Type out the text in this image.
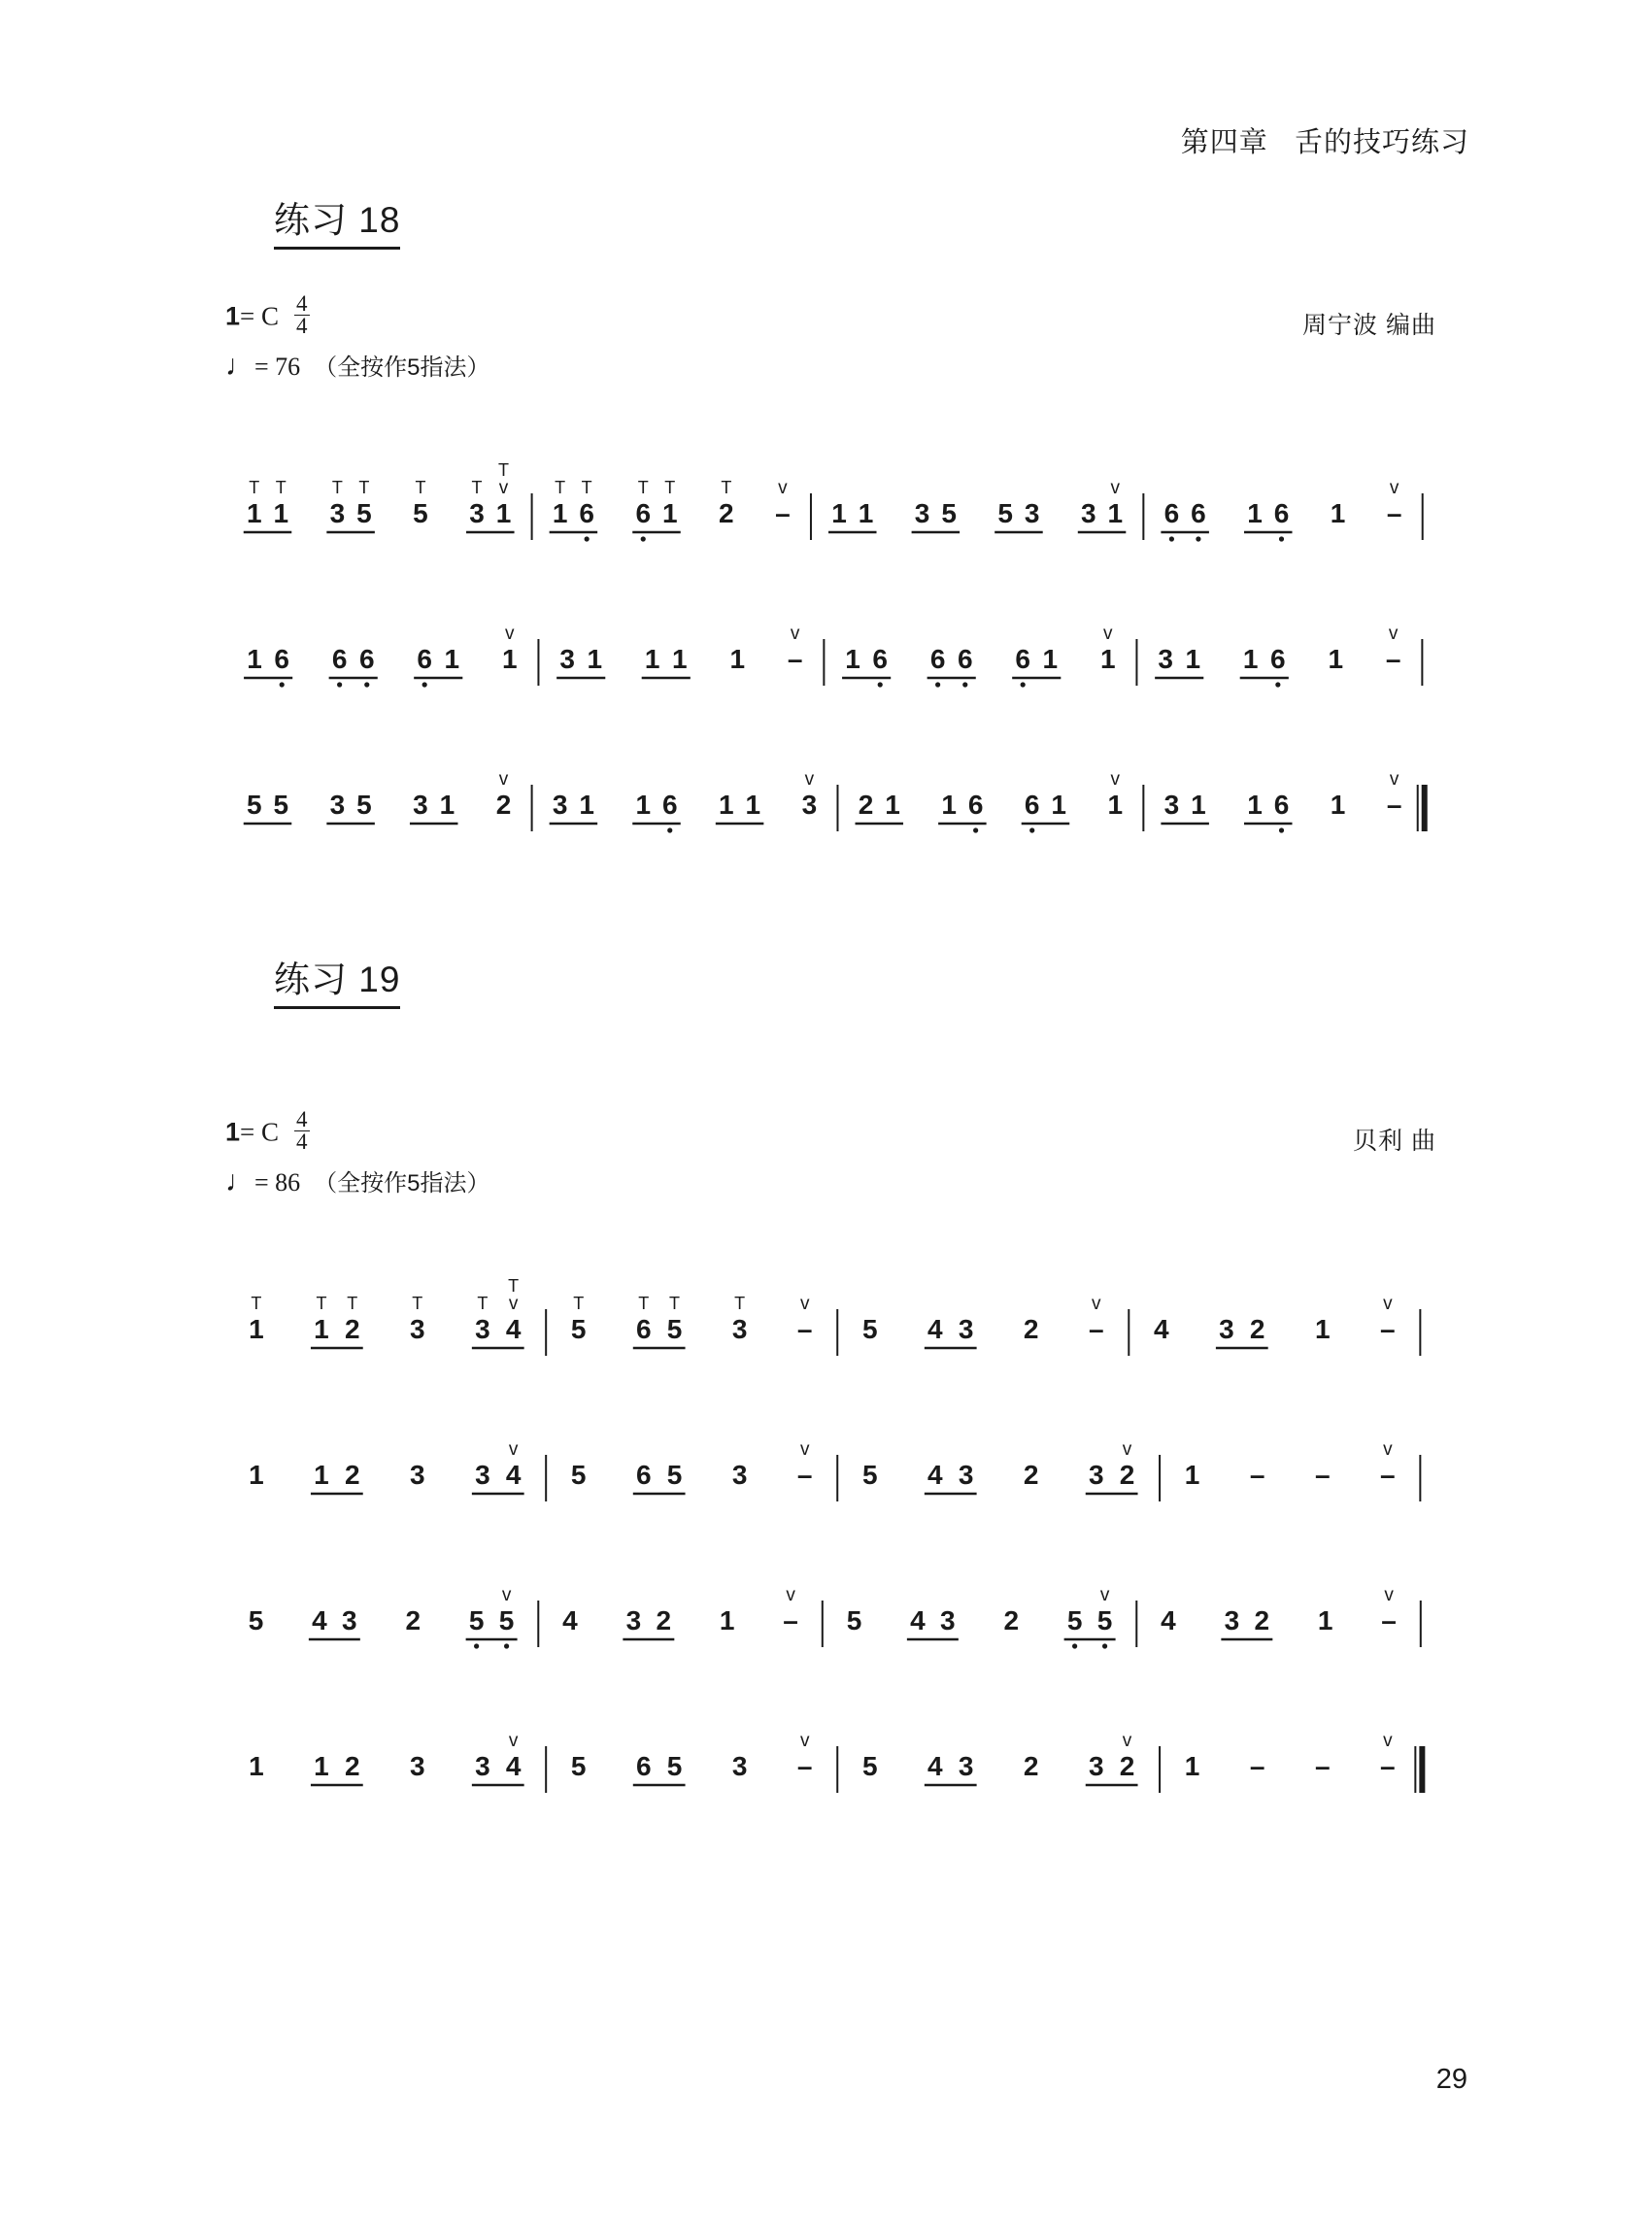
第四章 舌的技巧练习
练习 18
1= C $\frac{4}{4}$
♩= 76 （全按作5指法）
周宁波 编曲
练习 19
1= C $\frac{4}{4}$
♩= 86 （全按作5指法）
贝利 曲
1
T
1
T
3
T
5
T
5
T
3
T
1
T
v
1
T
6
T
6
T
1
T
2
T
–
v
1 1 3 5 5 3 3 1
v
6 6 1 6 1 –
v
1 6 6 6 6 1 1
v
3 1 1 1 1 –
v
1 6 6 6 6 1 1
v
3 1 1 6 1 –
v
5 5 3 5 3 1 2
v
3 1 1 6 1 1 3
v
2 1 1 6 6 1 1
v
3 1 1 6 1 –
v
1
T
1
T
2
T
3
T
3
T
4
T
v
5
T
6
T
5
T
3
T
–
v
5 4 3 2 –
v
4 3 2 1 –
v
1 1 2 3 3 4
v
5 6 5 3 –
v
5 4 3 2 3 2
v
1 – – –
v
5 4 3 2 5 5
v
4 3 2 1 –
v
5 4 3 2 5 5
v
4 3 2 1 –
v
1 1 2 3 3 4
v
5 6 5 3 –
v
5 4 3 2 3 2
v
1 – – –
v
29
